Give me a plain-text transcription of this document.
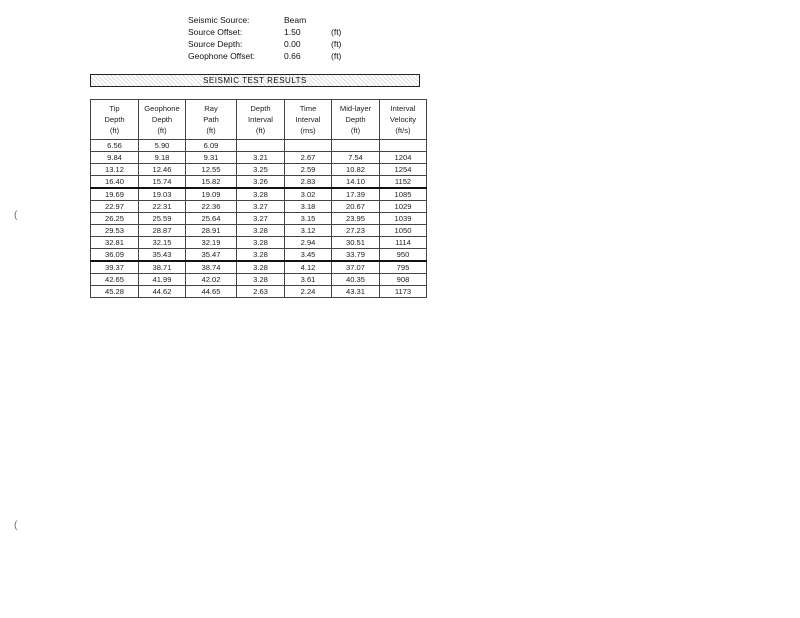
Seismic Source:	Beam
Source Offset:	1.50	(ft)
Source Depth:	0.00	(ft)
Geophone Offset:	0.66	(ft)
SEISMIC TEST RESULTS
Tip
Depth
(ft)	Geophone
Depth
(ft)	Ray
Path
(ft)	Depth
Interval
(ft)	Time
Interval
(ms)	Mid-layer
Depth
(ft)	Interval
Velocity
(ft/s)
6.56	5.90	6.09				
9.84	9.18	9.31	3.21	2.67	7.54	1204
13.12	12.46	12.55	3.25	2.59	10.82	1254
16.40	15.74	15.82	3.26	2.83	14.10	1152
19.69	19.03	19.09	3.28	3.02	17.39	1085
22.97	22.31	22.36	3.27	3.18	20.67	1029
26.25	25.59	25.64	3.27	3.15	23.95	1039
29.53	28.87	28.91	3.28	3.12	27.23	1050
32.81	32.15	32.19	3.28	2.94	30.51	1114
36.09	35.43	35.47	3.28	3.45	33.79	950
39.37	38.71	38.74	3.28	4.12	37.07	795
42.65	41.99	42.02	3.28	3.61	40.35	908
45.28	44.62	44.65	2.63	2.24	43.31	1173
(
(
